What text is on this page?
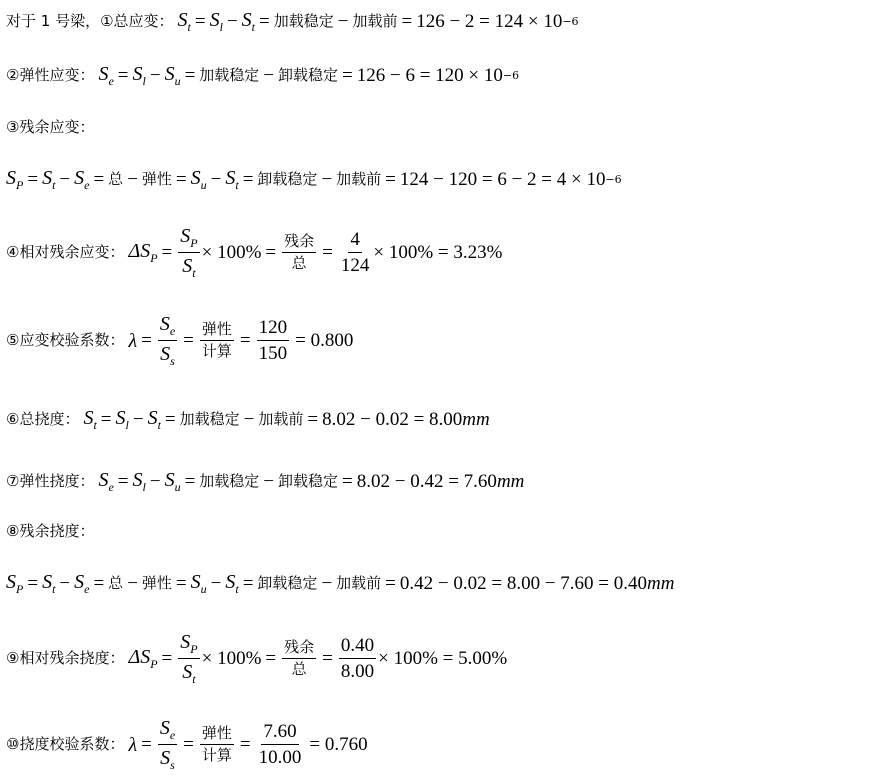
对于 1 号梁，①总应变： $S_t = S_l - S_t$ = 加载稳定 − 加载前 = 126 − 2 = 124 × 10 −6
②弹性应变： $S_e = S_l - S_u$ = 加载稳定 − 卸载稳定 = 126 − 6 = 120 × 10 −6
③残余应变：
$S_P = S_t - S_e$ = 总 − 弹性 = $S_u - S_t$ = 卸载稳定 − 加载前 = 124 − 120 = 6 − 2 = 4 × 10 −6
④相对残余应变： $\Delta S_P = \frac{S_P}{S_t} \times 100\% = \frac{\text{残余}}{\text{总}} = \frac{4}{124} \times 100\% = 3.23\%$
⑤应变校验系数： $\lambda = \frac{S_e}{S_s} = \frac{\text{弹性}}{\text{计算}} = \frac{120}{150} = 0.800$
⑥总挠度： $S_t = S_l - S_t$ = 加载稳定 − 加载前 = 8.02 − 0.02 = 8.00 mm
⑦弹性挠度： $S_e = S_l - S_u$ = 加载稳定 − 卸载稳定 = 8.02 − 0.42 = 7.60 mm
⑧残余挠度：
$S_P = S_t - S_e$ = 总 − 弹性 = $S_u - S_t$ = 卸载稳定 − 加载前 = 0.42 − 0.02 = 8.00 − 7.60 = 0.40 mm
⑨相对残余挠度： $\Delta S_P = \frac{S_P}{S_t} \times 100\% = \frac{\text{残余}}{\text{总}} = \frac{0.40}{8.00} \times 100\% = 5.00\%$
⑩挠度校验系数： $\lambda = \frac{S_e}{S_s} = \frac{\text{弹性}}{\text{计算}} = \frac{7.60}{10.00} = 0.760$
